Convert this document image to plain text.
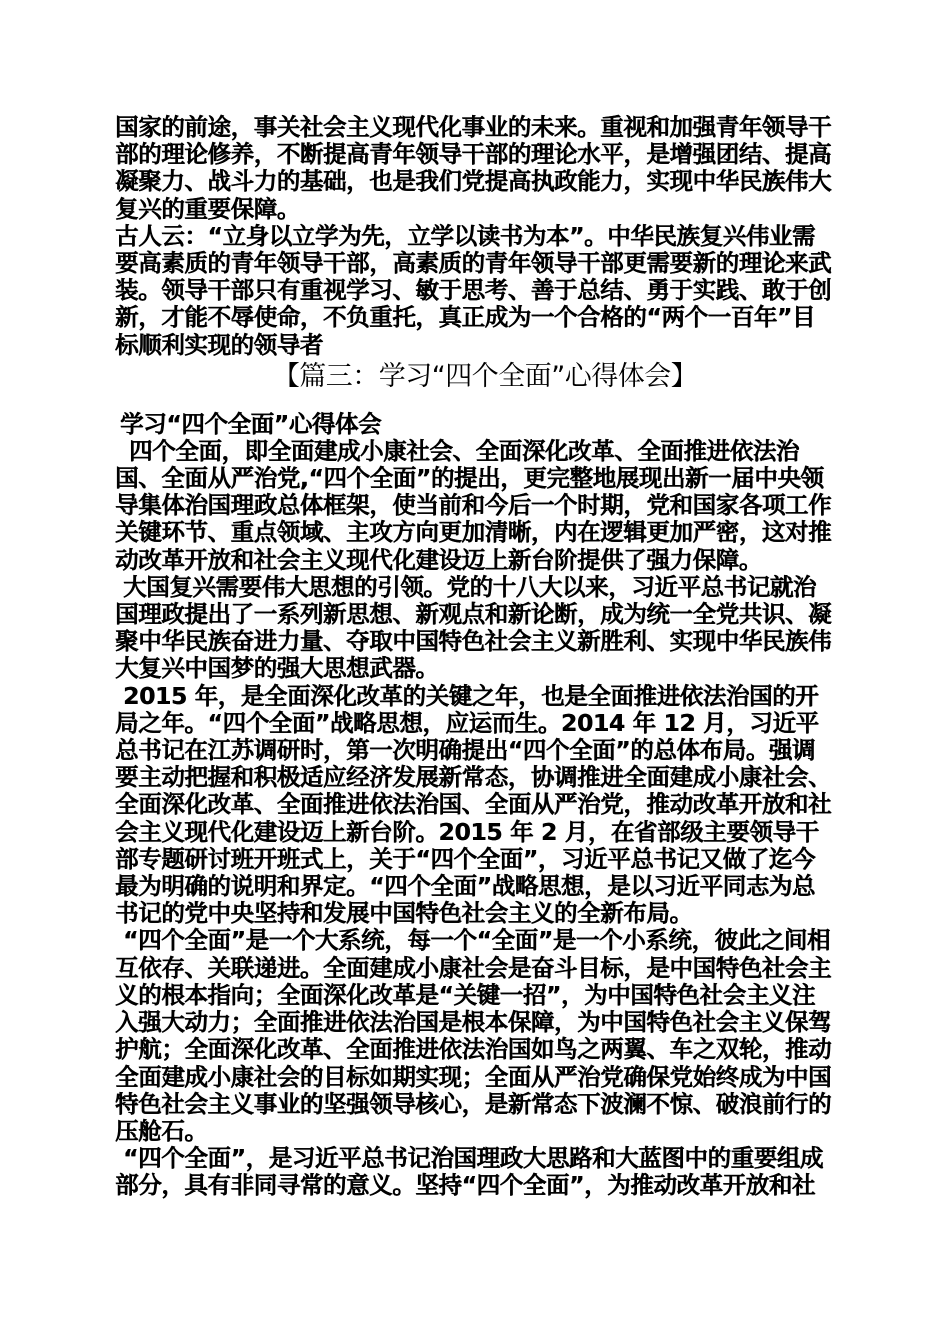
国家的前途，事关社会主义现代化事业的未来。重视和加强青年领导干部的理论修养，不断提高青年领导干部的理论水平，是增强团结、提高凝聚力、战斗力的基础，也是我们党提高执政能力，实现中华民族伟大复兴的重要保障。

古人云：“立身以立学为先，立学以读书为本”。中华民族复兴伟业需要高素质的青年领导干部，高素质的青年领导干部更需要新的理论来武装。领导干部只有重视学习、敏于思考、善于总结、勇于实践、敢于创新，才能不辱使命，不负重托，真正成为一个合格的“两个一百年”目标顺利实现的领导者

【篇三：学习“四个全面”心得体会】
学习“四个全面”心得体会

四个全面，即全面建成小康社会、全面深化改革、全面推进依法治国、全面从严治党,“四个全面”的提出，更完整地展现出新一届中央领导集体治国理政总体框架，使当前和今后一个时期，党和国家各项工作关键环节、重点领域、主攻方向更加清晰，内在逻辑更加严密，这对推动改革开放和社会主义现代化建设迈上新台阶提供了强力保障。

大国复兴需要伟大思想的引领。党的十八大以来，习近平总书记就治国理政提出了一系列新思想、新观点和新论断，成为统一全党共识、凝聚中华民族奋进力量、夺取中国特色社会主义新胜利、实现中华民族伟大复兴中国梦的强大思想武器。

2015 年，是全面深化改革的关键之年，也是全面推进依法治国的开局之年。“四个全面”战略思想，应运而生。2014 年 12 月，习近平总书记在江苏调研时，第一次明确提出“四个全面”的总体布局。强调要主动把握和积极适应经济发展新常态，协调推进全面建成小康社会、全面深化改革、全面推进依法治国、全面从严治党，推动改革开放和社会主义现代化建设迈上新台阶。2015 年 2 月，在省部级主要领导干部专题研讨班开班式上，关于“四个全面”，习近平总书记又做了迄今最为明确的说明和界定。“四个全面”战略思想，是以习近平同志为总书记的党中央坚持和发展中国特色社会主义的全新布局。

“四个全面”是一个大系统，每一个“全面”是一个小系统，彼此之间相互依存、关联递进。全面建成小康社会是奋斗目标，是中国特色社会主义的根本指向；全面深化改革是“关键一招”，为中国特色社会主义注入强大动力；全面推进依法治国是根本保障，为中国特色社会主义保驾护航；全面深化改革、全面推进依法治国如鸟之两翼、车之双轮，推动全面建成小康社会的目标如期实现；全面从严治党确保党始终成为中国特色社会主义事业的坚强领导核心，是新常态下波澜不惊、破浪前行的压舱石。

“四个全面”，是习近平总书记治国理政大思路和大蓝图中的重要组成部分，具有非同寻常的意义。坚持“四个全面”，为推动改革开放和社
